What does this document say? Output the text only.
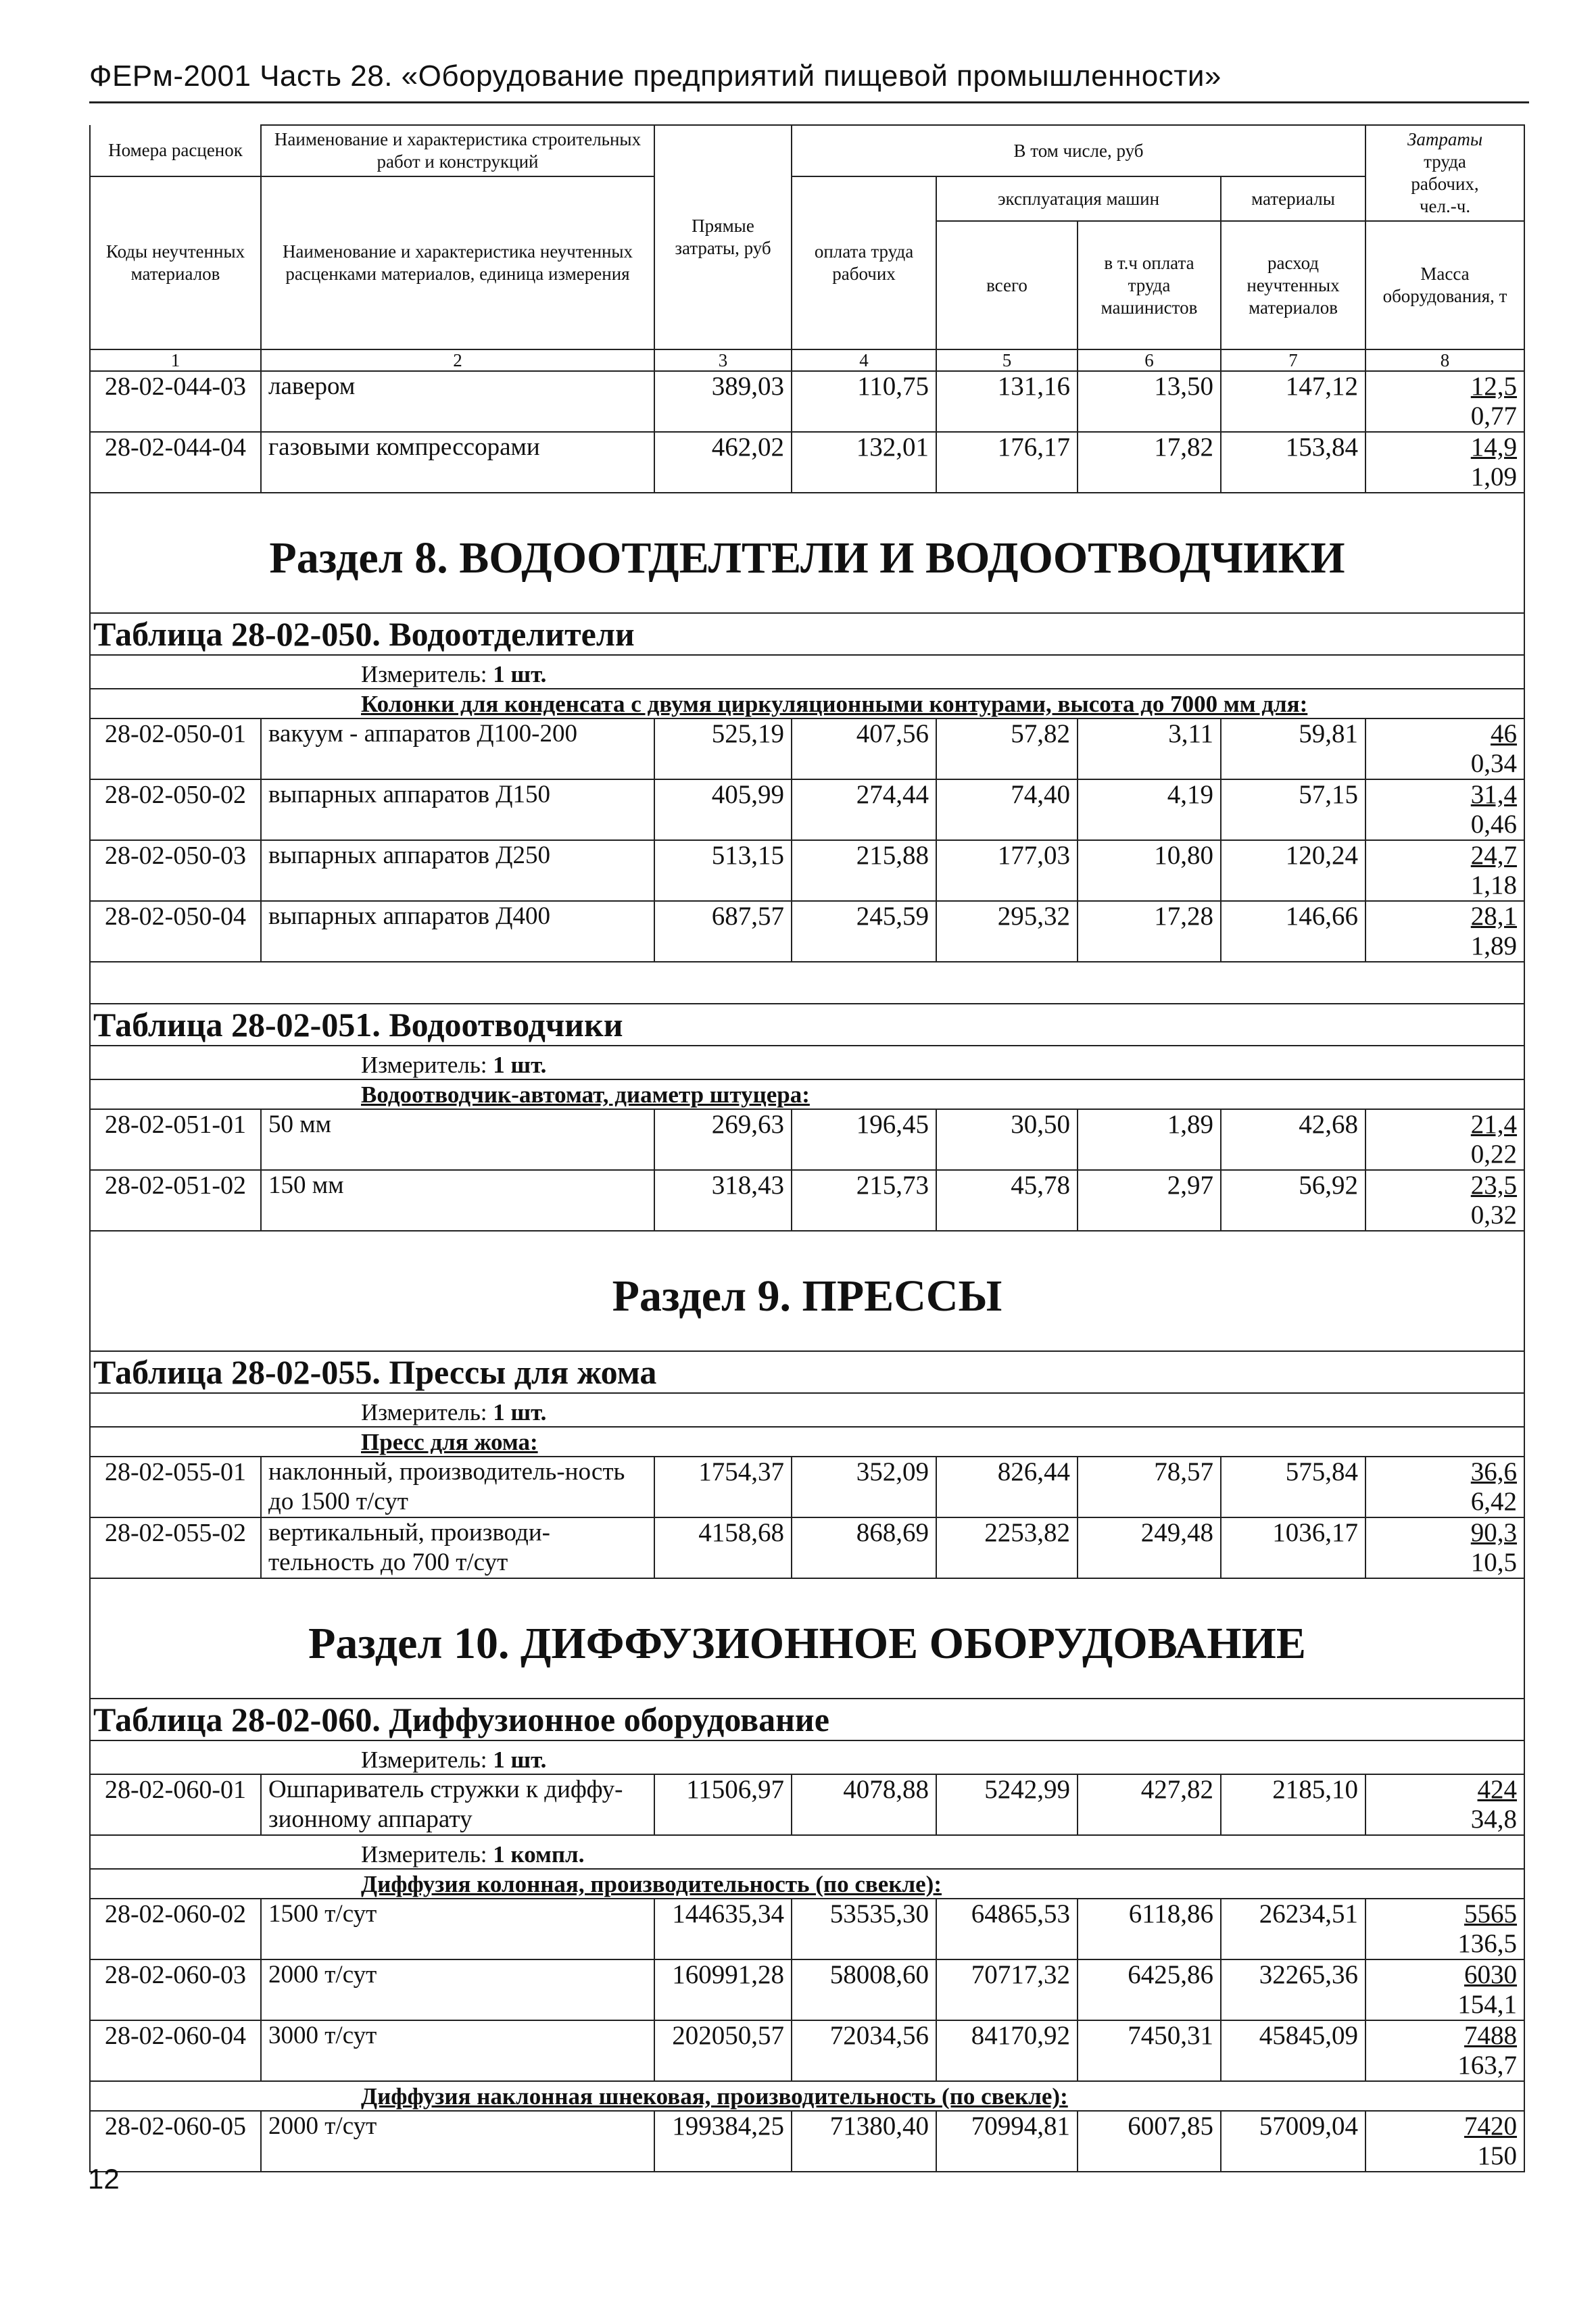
ФЕРм-2001 Часть 28. «Оборудование предприятий пищевой промышленности»
Номера расценок	Наименование и характеристика строительных работ и конструкций	Прямые затраты, руб	В том числе, руб				Затраты
труда
рабочих,
чел.-ч.
Коды неучтенных материалов	Наименование и характеристика неучтенных расценками материалов, единица измерения		оплата труда рабочих	эксплуатация машин		материалы	
				всего	в т.ч оплата труда машинистов	расход неучтенных материалов	Масса оборудования, т
1	2	3	4	5	6	7	8
28-02-044-03	лавером	389,03	110,75	131,16	13,50	147,12	12,5
0,77

28-02-044-04	газовыми компрессорами	462,02	132,01	176,17	17,82	153,84	14,9
1,09

Раздел 8. ВОДООТДЕЛТЕЛИ И ВОДООТВОДЧИКИ							
Таблица 28-02-050. Водоотделители							
Измеритель: 1 шт.							
Колонки для конденсата с двумя циркуляционными контурами, высота до 7000 мм для:							
28-02-050-01	вакуум - аппаратов Д100-200	525,19	407,56	57,82	3,11	59,81	46
0,34

28-02-050-02	выпарных аппаратов Д150	405,99	274,44	74,40	4,19	57,15	31,4
0,46

28-02-050-03	выпарных аппаратов Д250	513,15	215,88	177,03	10,80	120,24	24,7
1,18

28-02-050-04	выпарных аппаратов Д400	687,57	245,59	295,32	17,28	146,66	28,1
1,89

Таблица 28-02-051. Водоотводчики							
Измеритель: 1 шт.							
Водоотводчик-автомат, диаметр штуцера:							
28-02-051-01	50 мм	269,63	196,45	30,50	1,89	42,68	21,4
0,22

28-02-051-02	150 мм	318,43	215,73	45,78	2,97	56,92	23,5
0,32

Раздел 9. ПРЕССЫ							
Таблица 28-02-055. Прессы для жома							
Измеритель: 1 шт.							
Пресс для жома:							
28-02-055-01	наклонный, производитель-ность до 1500 т/сут	1754,37	352,09	826,44	78,57	575,84	36,6
6,42

28-02-055-02	вертикальный, производи-тельность до 700 т/сут	4158,68	868,69	2253,82	249,48	1036,17	90,3
10,5

Раздел 10. ДИФФУЗИОННОЕ ОБОРУДОВАНИЕ							
Таблица 28-02-060. Диффузионное оборудование							
Измеритель: 1 шт.							
28-02-060-01	Ошпариватель стружки к диффу-зионному аппарату	11506,97	4078,88	5242,99	427,82	2185,10	424
34,8

Измеритель: 1 компл.							
Диффузия колонная, производительность (по свекле):							
28-02-060-02	1500 т/сут	144635,34	53535,30	64865,53	6118,86	26234,51	5565
136,5

28-02-060-03	2000 т/сут	160991,28	58008,60	70717,32	6425,86	32265,36	6030
154,1

28-02-060-04	3000 т/сут	202050,57	72034,56	84170,92	7450,31	45845,09	7488
163,7

Диффузия наклонная шнековая, производительность (по свекле):							
28-02-060-05	2000 т/сут	199384,25	71380,40	70994,81	6007,85	57009,04	7420
150
12
